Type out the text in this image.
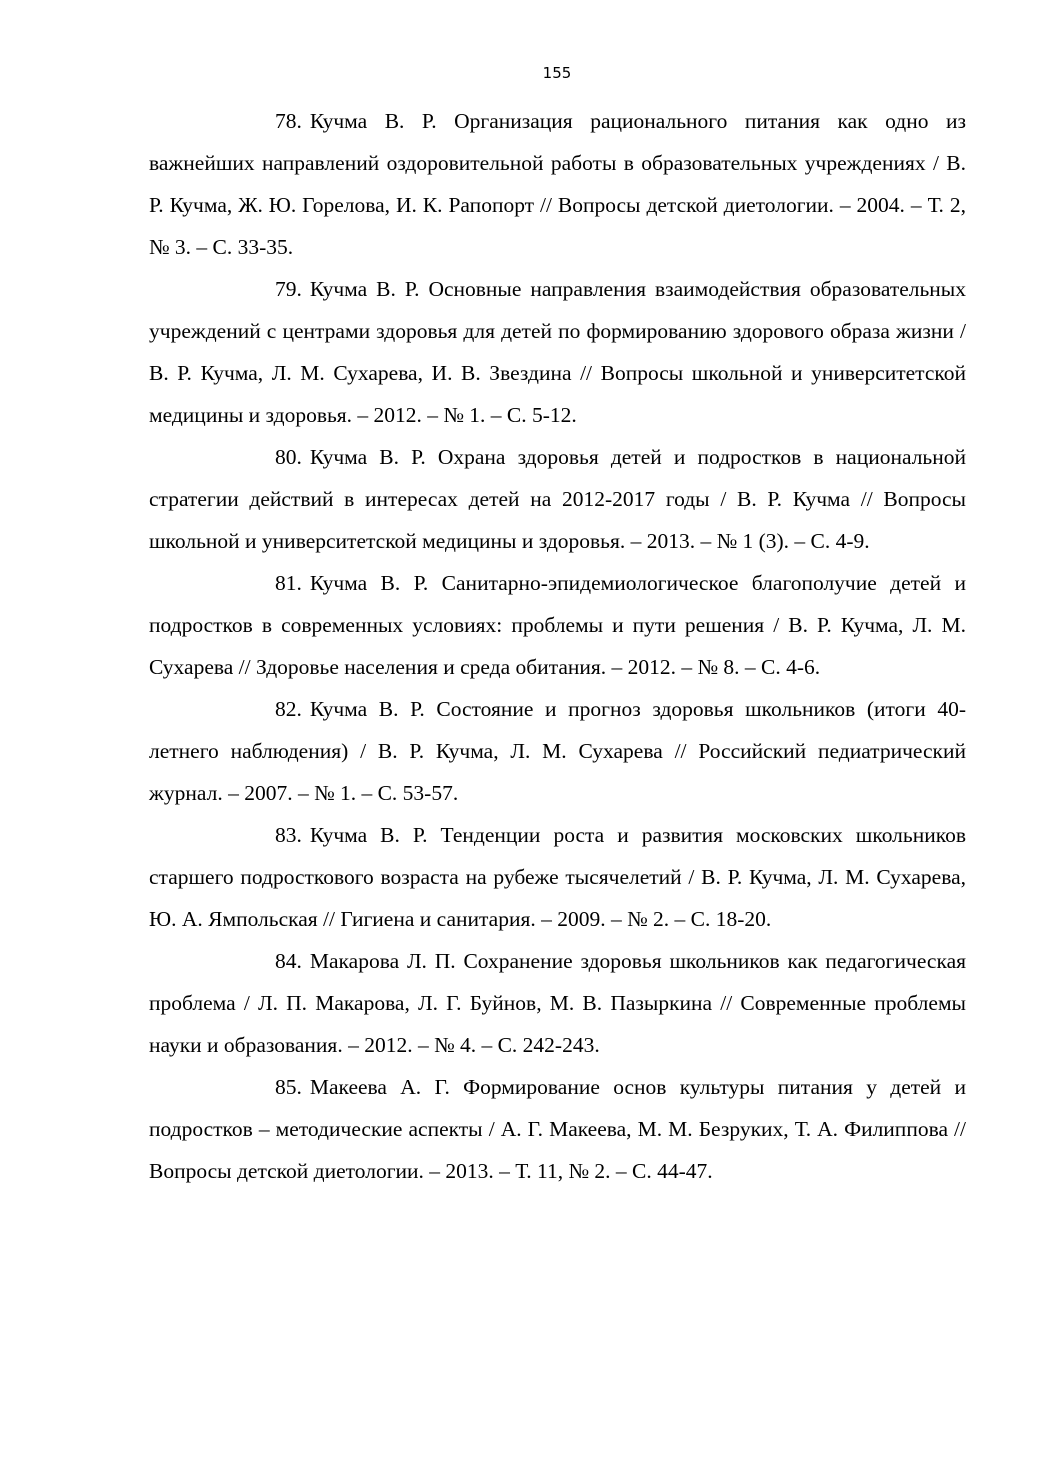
155
78. Кучма В. Р. Организация рационального питания как одно из важнейших направлений оздоровительной работы в образовательных учреждениях / В. Р. Кучма, Ж. Ю. Горелова, И. К. Рапопорт // Вопросы детской диетологии. – 2004. – Т. 2, № 3. – С. 33-35.
79. Кучма В. Р. Основные направления взаимодействия образовательных учреждений с центрами здоровья для детей по формированию здорового образа жизни / В. Р. Кучма, Л. М. Сухарева, И. В. Звездина // Вопросы школьной и университетской медицины и здоровья. – 2012. – № 1. – С. 5-12.
80. Кучма В. Р. Охрана здоровья детей и подростков в национальной стратегии действий в интересах детей на 2012-2017 годы / В. Р. Кучма // Вопросы школьной и университетской медицины и здоровья. – 2013. – № 1 (3). – С. 4-9.
81. Кучма В. Р. Санитарно-эпидемиологическое благополучие детей и подростков в современных условиях: проблемы и пути решения / В. Р. Кучма, Л. М. Сухарева // Здоровье населения и среда обитания. – 2012. – № 8. – С. 4-6.
82. Кучма В. Р. Состояние и прогноз здоровья школьников (итоги 40-летнего наблюдения) / В. Р. Кучма, Л. М. Сухарева // Российский педиатрический журнал. – 2007. – № 1. – С. 53-57.
83. Кучма В. Р. Тенденции роста и развития московских школьников старшего подросткового возраста на рубеже тысячелетий / В. Р. Кучма, Л. М. Сухарева, Ю. А. Ямпольская // Гигиена и санитария. – 2009. – № 2. – С. 18-20.
84. Макарова Л. П. Сохранение здоровья школьников как педагогическая проблема / Л. П. Макарова, Л. Г. Буйнов, М. В. Пазыркина // Современные проблемы науки и образования. – 2012. – № 4. – С. 242-243.
85. Макеева А. Г. Формирование основ культуры питания у детей и подростков – методические аспекты / А. Г. Макеева, М. М. Безруких, Т. А. Филиппова // Вопросы детской диетологии. – 2013. – Т. 11, № 2. – С. 44-47.
